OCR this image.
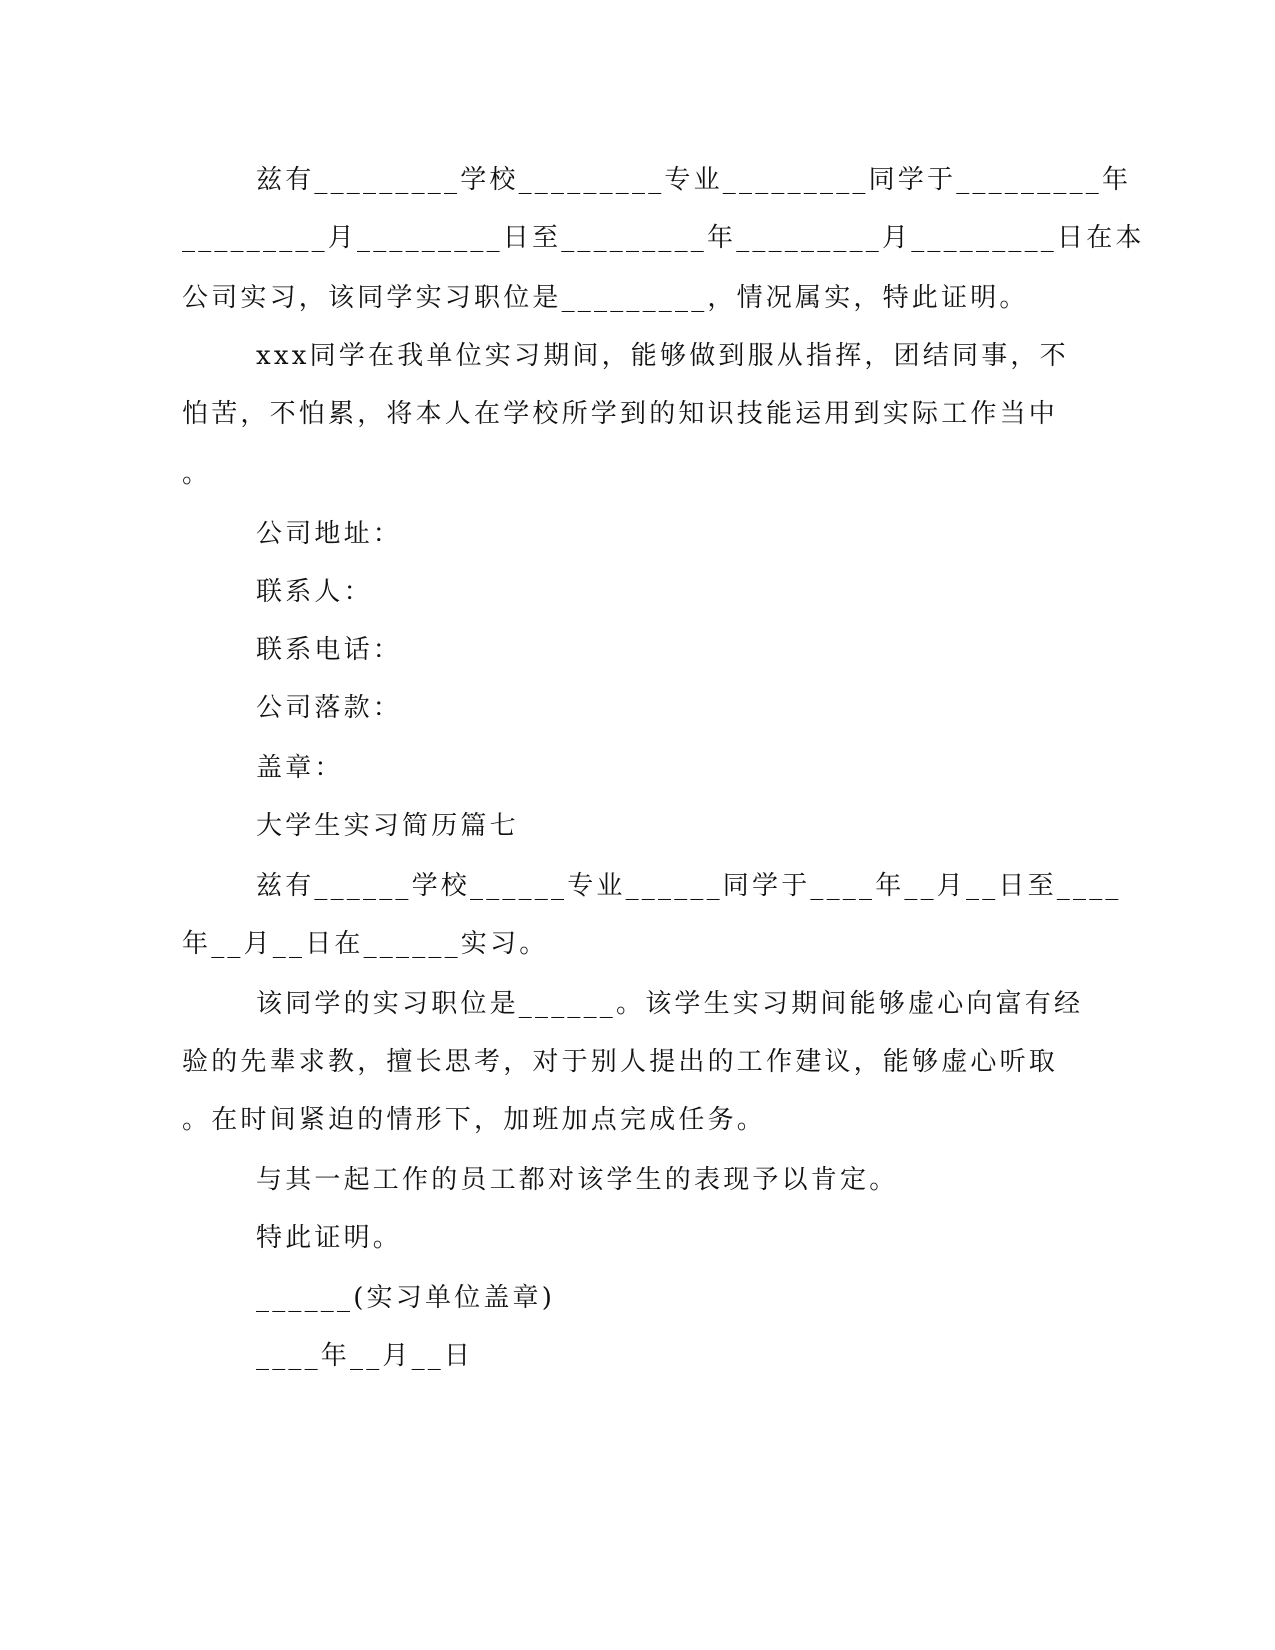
兹有_________学校_________专业_________同学于_________年
_________月_________日至_________年_________月_________日在本
公司实习，该同学实习职位是_________，情况属实，特此证明。
xxx同学在我单位实习期间，能够做到服从指挥，团结同事，不
怕苦，不怕累，将本人在学校所学到的知识技能运用到实际工作当中
。
公司地址：
联系人：
联系电话：
公司落款：
盖章：
大学生实习简历篇七
兹有______学校______专业______同学于____年__月__日至____
年__月__日在______实习。
该同学的实习职位是______。该学生实习期间能够虚心向富有经
验的先辈求教，擅长思考，对于别人提出的工作建议，能够虚心听取
。在时间紧迫的情形下，加班加点完成任务。
与其一起工作的员工都对该学生的表现予以肯定。
特此证明。
______(实习单位盖章)
____年__月__日
